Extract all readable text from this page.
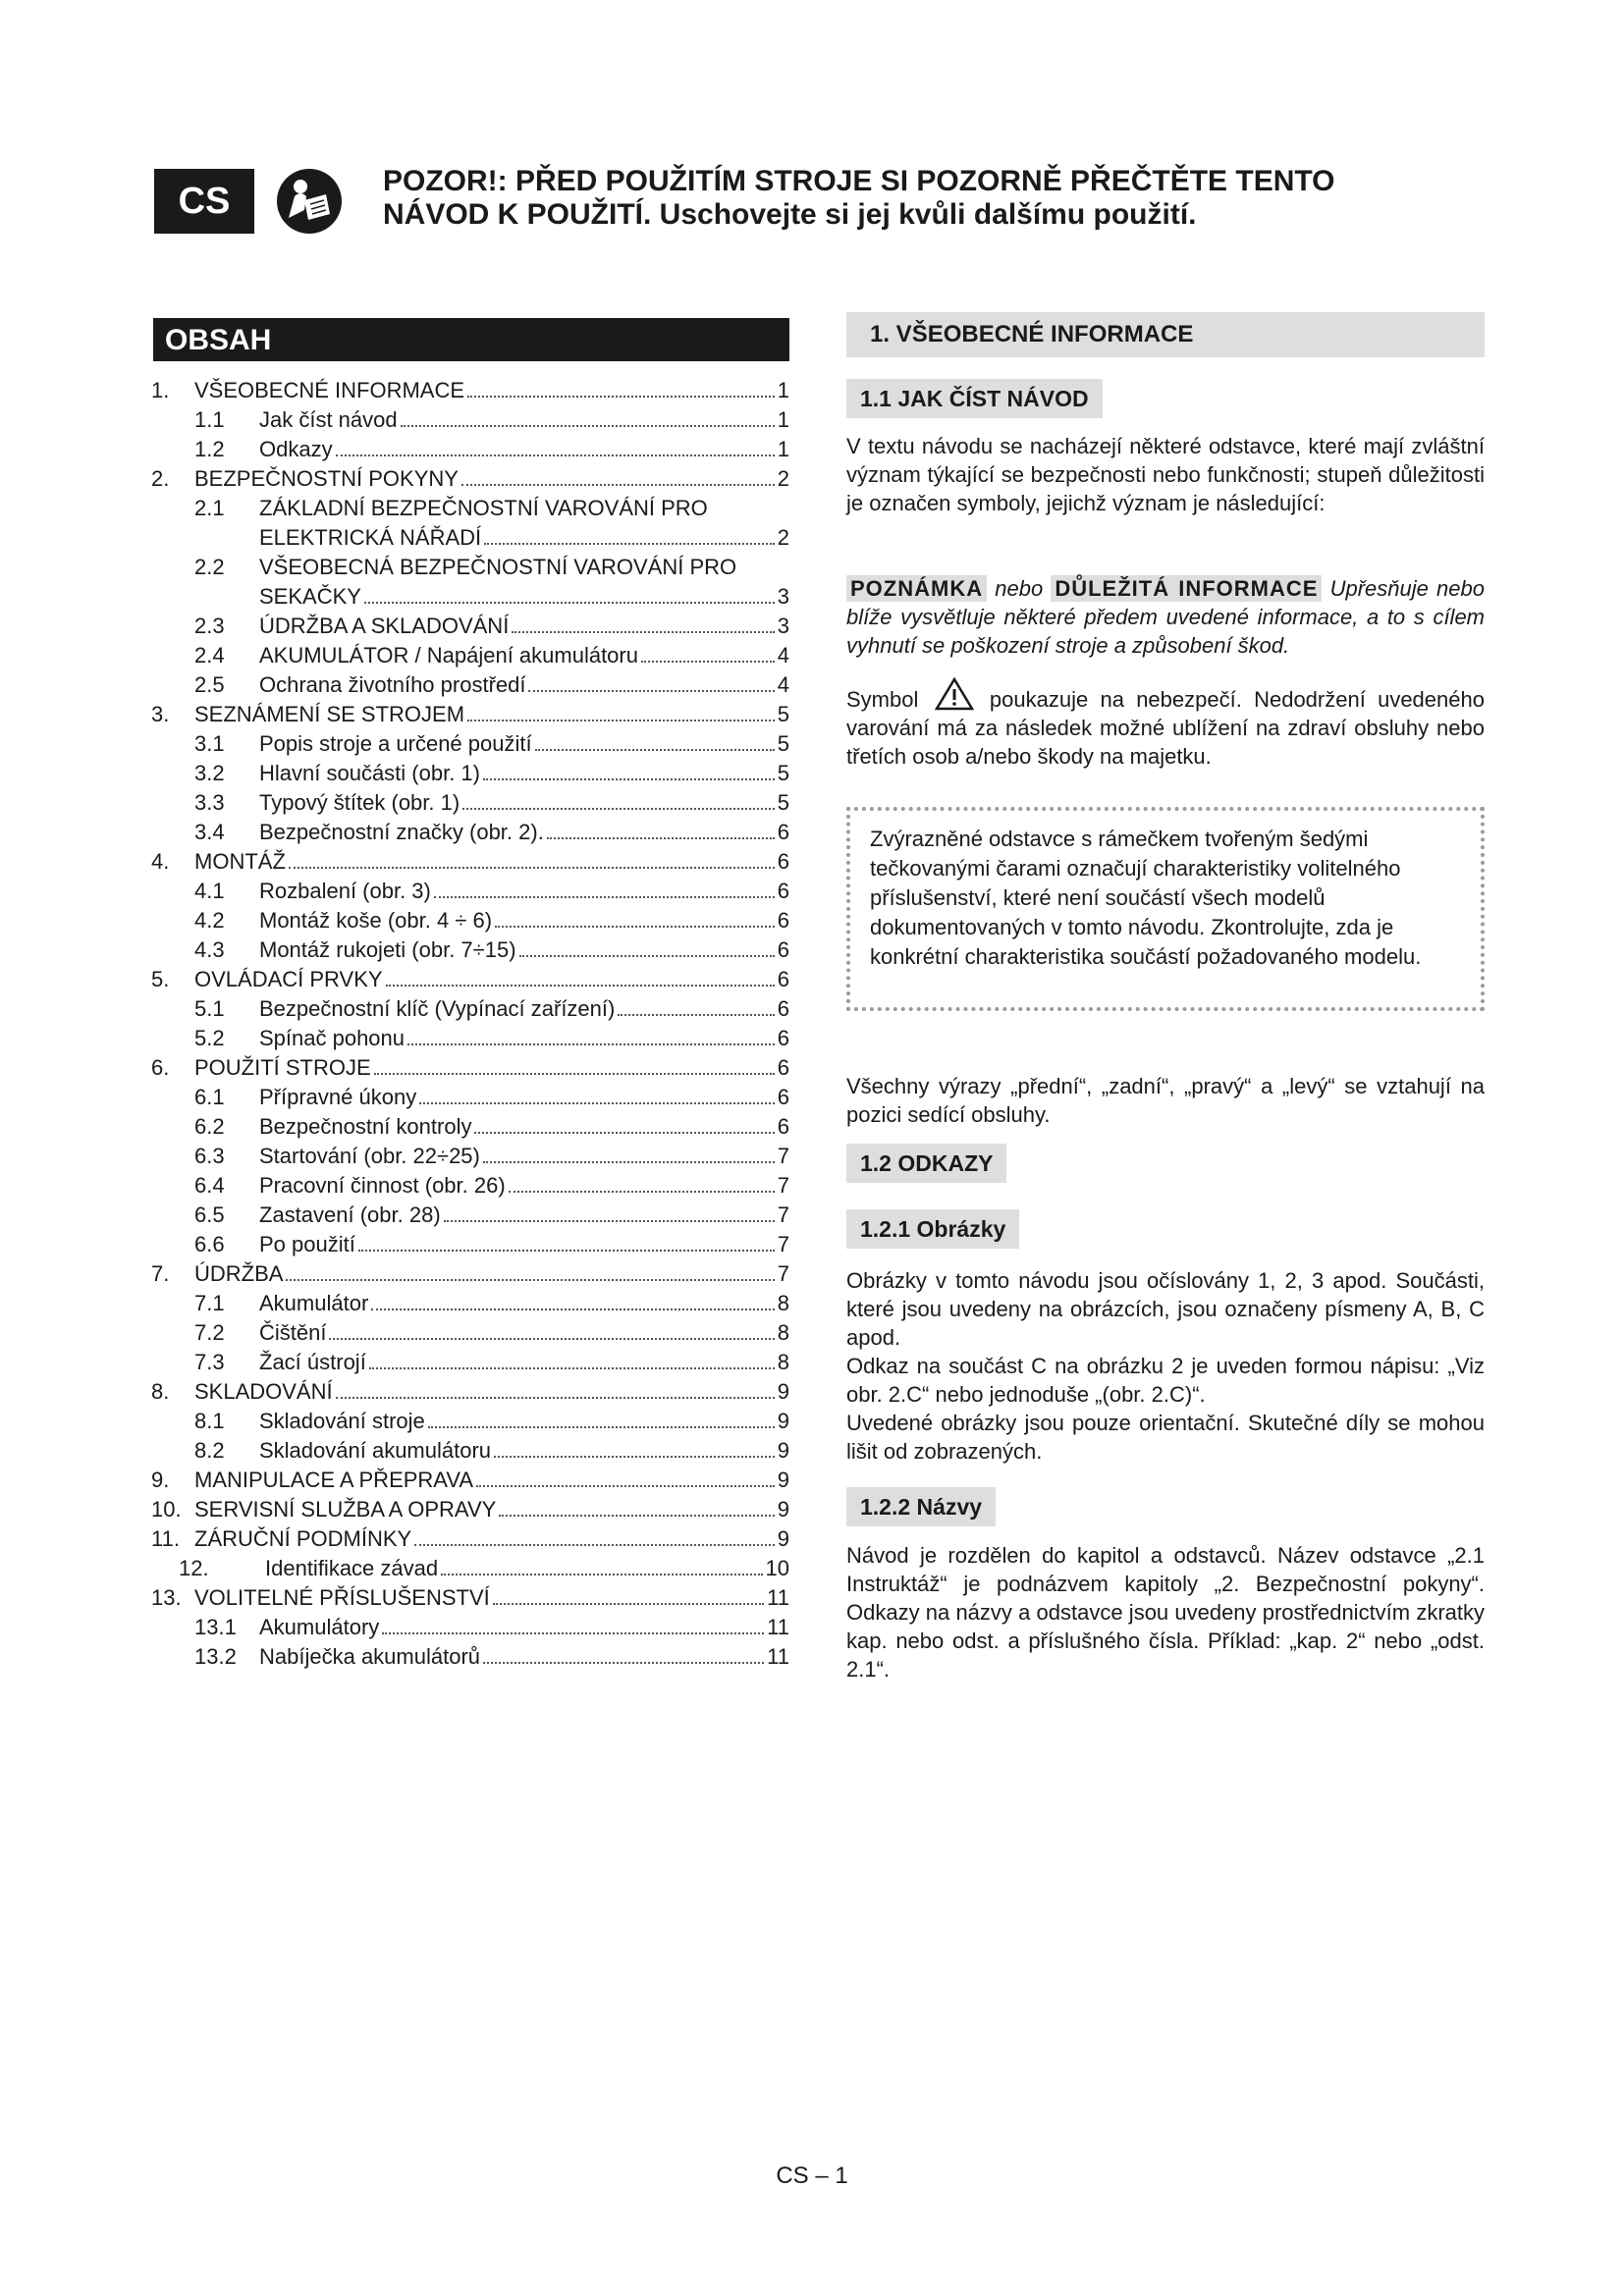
CS	POZOR!: PŘED POUŽITÍM STROJE SI POZORNĚ PŘEČTĚTE TENTO
NÁVOD K POUŽITÍ. Uschovejte si jej kvůli dalšímu použití.
OBSAH
1.	VŠEOBECNÉ INFORMACE	1
1.1	Jak číst návod	1
1.2	Odkazy	1
2.	BEZPEČNOSTNÍ POKYNY	2
2.1	ZÁKLADNÍ BEZPEČNOSTNÍ VAROVÁNÍ PRO
ELEKTRICKÁ NÁŘADÍ	2
2.2	VŠEOBECNÁ BEZPEČNOSTNÍ VAROVÁNÍ PRO
SEKAČKY	3
2.3	ÚDRŽBA A SKLADOVÁNÍ	3
2.4	AKUMULÁTOR / Napájení akumulátoru	4
2.5	Ochrana životního prostředí	4
3.	SEZNÁMENÍ SE STROJEM	5
3.1	Popis stroje a určené použití	5
3.2	Hlavní součásti (obr. 1)	5
3.3	Typový štítek (obr. 1)	5
3.4	Bezpečnostní značky (obr. 2).	6
4.	MONTÁŽ	6
4.1	Rozbalení (obr. 3)	6
4.2	Montáž koše (obr. 4 ÷ 6)	6
4.3	Montáž rukojeti (obr. 7÷15)	6
5.	OVLÁDACÍ PRVKY	6
5.1	Bezpečnostní klíč (Vypínací zařízení)	6
5.2	Spínač pohonu	6
6.	POUŽITÍ STROJE	6
6.1	Přípravné úkony	6
6.2	Bezpečnostní kontroly	6
6.3	Startování (obr. 22÷25)	7
6.4	Pracovní činnost (obr. 26)	7
6.5	Zastavení (obr. 28)	7
6.6	Po použití	7
7.	ÚDRŽBA	7
7.1	Akumulátor	8
7.2	Čištění	8
7.3	Žací ústrojí	8
8.	SKLADOVÁNÍ	9
8.1	Skladování stroje	9
8.2	Skladování akumulátoru	9
9.	MANIPULACE A PŘEPRAVA	9
10. SERVISNÍ SLUŽBA A OPRAVY	9
11. ZÁRUČNÍ PODMÍNKY	9
12.	Identifikace závad	10
13. VOLITELNÉ PŘÍSLUŠENSTVÍ	11
13.1	Akumulátory	11
13.2	Nabíječka akumulátorů	11
1. VŠEOBECNÉ INFORMACE
1.1 JAK ČÍST NÁVOD
V textu návodu se nacházejí některé odstavce, které mají zvláštní význam týkající se bezpečnosti nebo funkčnosti; stupeň důležitosti je označen symboly, jejichž význam je následující:
POZNÁMKA nebo DŮLEŽITÁ INFORMACE Upřesňuje nebo blíže vysvětluje některé předem uvedené informace, a to s cílem vyhnutí se poškození stroje a způsobení škod.
Symbol	poukazuje na nebezpečí. Nedodržení uvedeného varování má za následek možné ublížení na zdraví obsluhy nebo třetích osob a/nebo škody na majetku.
Zvýrazněné odstavce s rámečkem tvořeným šedými tečkovanými čarami označují charakteristiky volitelného příslušenství, které není součástí všech modelů dokumentovaných v tomto návodu. Zkontrolujte, zda je konkrétní charakteristika součástí požadovaného modelu.
Všechny výrazy „přední“, „zadní“, „pravý“ a „levý“ se vztahují na pozici sedící obsluhy.
1.2 ODKAZY
1.2.1 Obrázky
Obrázky v tomto návodu jsou očíslovány 1, 2, 3 apod. Součásti, které jsou uvedeny na obrázcích, jsou označeny písmeny A, B, C apod.
Odkaz na součást C na obrázku 2 je uveden formou nápisu: „Viz obr. 2.C“ nebo jednoduše „(obr. 2.C)“.
Uvedené obrázky jsou pouze orientační. Skutečné díly se mohou lišit od zobrazených.
1.2.2 Názvy
Návod je rozdělen do kapitol a odstavců. Název odstavce „2.1 Instruktáž“ je podnázvem kapitoly „2. Bezpečnostní pokyny“. Odkazy na názvy a odstavce jsou uvedeny prostřednictvím zkratky kap. nebo odst. a příslušného čísla. Příklad: „kap. 2“ nebo „odst. 2.1“.
CS – 1
